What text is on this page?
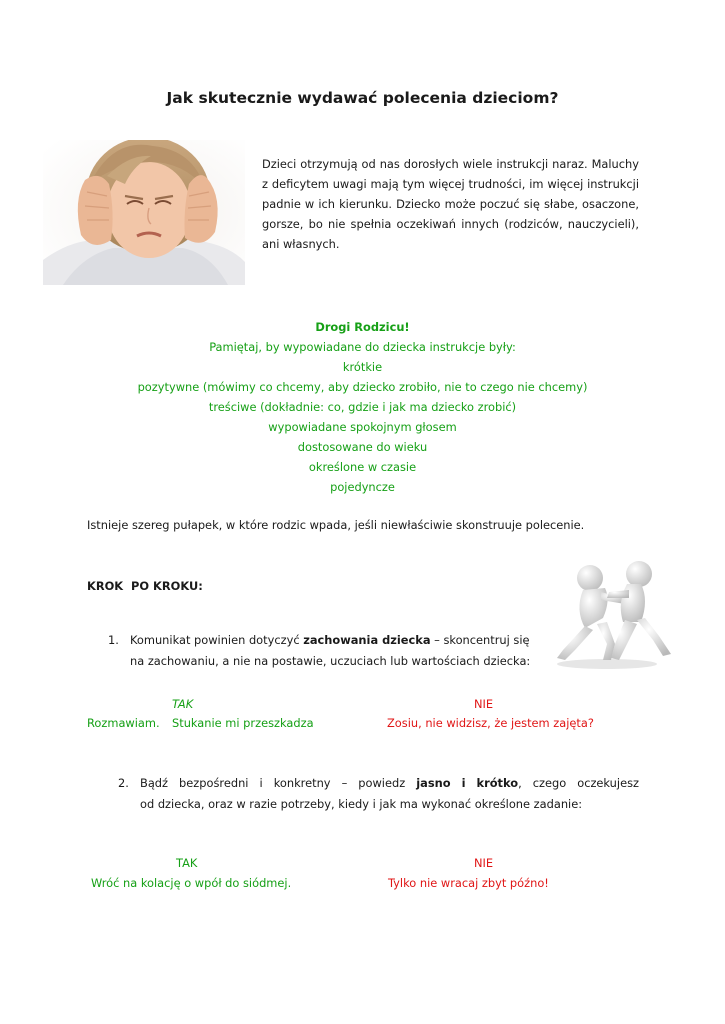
Jak skutecznie wydawać polecenia dzieciom?
Dzieci otrzymują od nas dorosłych wiele instrukcji naraz. Maluchy z deficytem uwagi mają tym więcej trudności, im więcej instrukcji padnie w ich kierunku. Dziecko może poczuć się słabe, osaczone, gorsze, bo nie spełnia oczekiwań innych (rodziców, nauczycieli), ani własnych.
Drogi Rodzicu!
Pamiętaj, by wypowiadane do dziecka instrukcje były:
krótkie
pozytywne (mówimy co chcemy, aby dziecko zrobiło, nie to czego nie chcemy)
treściwe (dokładnie: co, gdzie i jak ma dziecko zrobić)
wypowiadane spokojnym głosem
dostosowane do wieku
określone w czasie
pojedyncze
Istnieje szereg pułapek, w które rodzic wpada, jeśli niewłaściwie skonstruuje polecenie.
KROK  PO KROKU:
1. Komunikat powinien dotyczyć zachowania dziecka – skoncentruj się
na zachowaniu, a nie na postawie, uczuciach lub wartościach dziecka:
TAK	NIE
Rozmawiam. Stukanie mi przeszkadza	Zosiu, nie widzisz, że jestem zajęta?
2. Bądź bezpośredni i konkretny – powiedz jasno i krótko, czego oczekujesz
od dziecka, oraz w razie potrzeby, kiedy i jak ma wykonać określone zadanie:
TAK	NIE
Wróć na kolację o wpół do siódmej.	Tylko nie wracaj zbyt późno!
